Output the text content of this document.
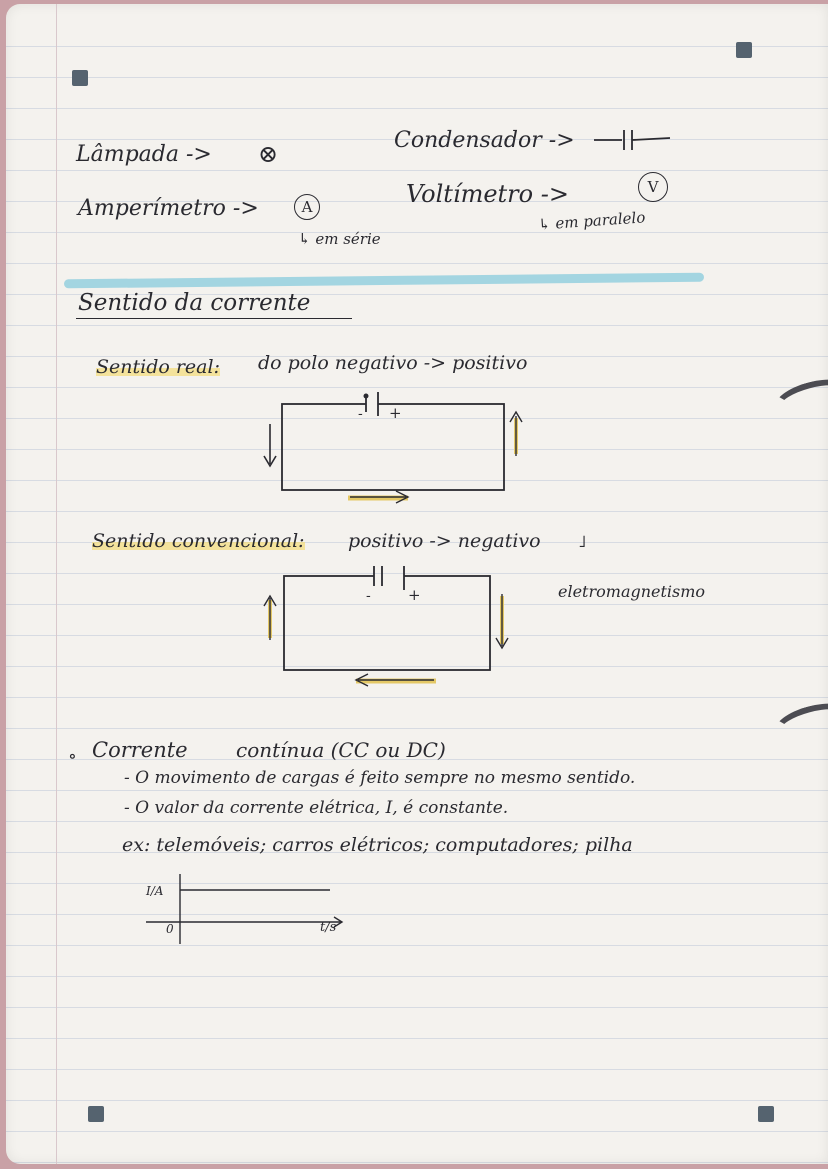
Lâmpada -> ⊗	Condensador ->
Amperímetro ->	A
↳ em série
Voltímetro ->	V
↳ em paralelo
Sentido da corrente
Sentido real: do polo negativo -> positivo
- +
Sentido convencional: positivo -> negativo ˩
eletromagnetismo
- +
∘ Corrente contínua (CC ou DC)
- O movimento de cargas é feito sempre no mesmo sentido.
- O valor da corrente elétrica, I, é constante.
ex: telemóveis; carros elétricos; computadores; pilha
I/A
0	t/s
